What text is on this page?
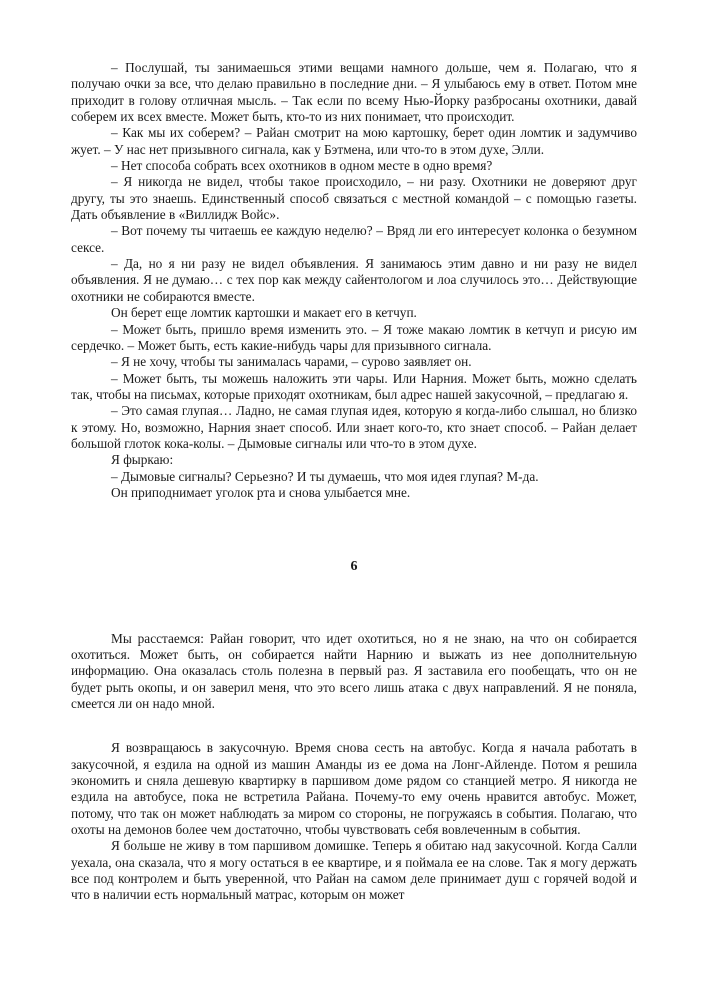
– Послушай, ты занимаешься этими вещами намного дольше, чем я. Полагаю, что я получаю очки за все, что делаю правильно в последние дни. – Я улыбаюсь ему в ответ. Потом мне приходит в голову отличная мысль. – Так если по всему Нью-Йорку разбросаны охотники, давай соберем их всех вместе. Может быть, кто-то из них понимает, что происходит.

– Как мы их соберем? – Райан смотрит на мою картошку, берет один ломтик и задумчиво жует. – У нас нет призывного сигнала, как у Бэтмена, или что-то в этом духе, Элли.

– Нет способа собрать всех охотников в одном месте в одно время?

– Я никогда не видел, чтобы такое происходило, – ни разу. Охотники не доверяют друг другу, ты это знаешь. Единственный способ связаться с местной командой – с помощью газеты. Дать объявление в «Виллидж Войс».

– Вот почему ты читаешь ее каждую неделю? – Вряд ли его интересует колонка о безумном сексе.

– Да, но я ни разу не видел объявления. Я занимаюсь этим давно и ни разу не видел объявления. Я не думаю… с тех пор как между сайентологом и лоа случилось это… Действующие охотники не собираются вместе.

Он берет еще ломтик картошки и макает его в кетчуп.

– Может быть, пришло время изменить это. – Я тоже макаю ломтик в кетчуп и рисую им сердечко. – Может быть, есть какие-нибудь чары для призывного сигнала.

– Я не хочу, чтобы ты занималась чарами, – сурово заявляет он.

– Может быть, ты можешь наложить эти чары. Или Нарния. Может быть, можно сделать так, чтобы на письмах, которые приходят охотникам, был адрес нашей закусочной, – предлагаю я.

– Это самая глупая… Ладно, не самая глупая идея, которую я когда-либо слышал, но близко к этому. Но, возможно, Нарния знает способ. Или знает кого-то, кто знает способ. – Райан делает большой глоток кока-колы. – Дымовые сигналы или что-то в этом духе.

Я фыркаю:

– Дымовые сигналы? Серьезно? И ты думаешь, что моя идея глупая? М-да.

Он приподнимает уголок рта и снова улыбается мне.

6

Мы расстаемся: Райан говорит, что идет охотиться, но я не знаю, на что он собирается охотиться. Может быть, он собирается найти Нарнию и выжать из нее дополнительную информацию. Она оказалась столь полезна в первый раз. Я заставила его пообещать, что он не будет рыть окопы, и он заверил меня, что это всего лишь атака с двух направлений. Я не поняла, смеется ли он надо мной.

Я возвращаюсь в закусочную. Время снова сесть на автобус. Когда я начала работать в закусочной, я ездила на одной из машин Аманды из ее дома на Лонг-Айленде. Потом я решила экономить и сняла дешевую квартирку в паршивом доме рядом со станцией метро. Я никогда не ездила на автобусе, пока не встретила Райана. Почему-то ему очень нравится автобус. Может, потому, что так он может наблюдать за миром со стороны, не погружаясь в события. Полагаю, что охоты на демонов более чем достаточно, чтобы чувствовать себя вовлеченным в события.

Я больше не живу в том паршивом домишке. Теперь я обитаю над закусочной. Когда Салли уехала, она сказала, что я могу остаться в ее квартире, и я поймала ее на слове. Так я могу держать все под контролем и быть уверенной, что Райан на самом деле принимает душ с горячей водой и что в наличии есть нормальный матрас, которым он может
